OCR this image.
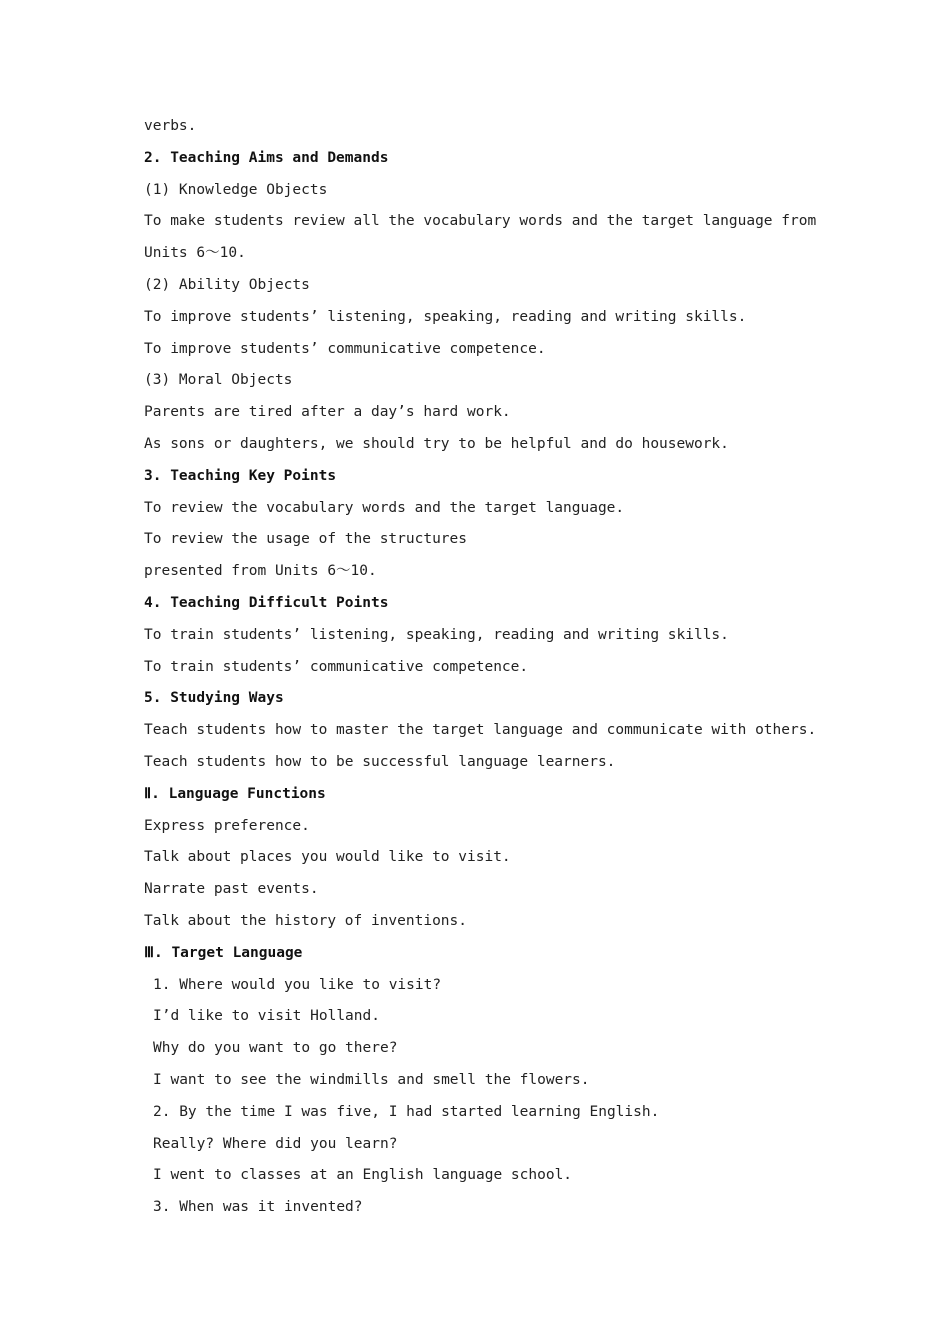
verbs.
2. Teaching Aims and Demands
(1) Knowledge Objects
To make students review all the vocabulary words and the target language from
Units 6～10.
(2) Ability Objects
To improve students’ listening, speaking, reading and writing skills.
To improve students’ communicative competence.
(3) Moral Objects
Parents are tired after a day’s hard work.
As sons or daughters, we should try to be helpful and do housework.
3. Teaching Key Points
To review the vocabulary words and the target language.
To review the usage of the structures
presented from Units 6～10.
4. Teaching Difficult Points
To train students’ listening, speaking, reading and writing skills.
To train students’ communicative competence.
5. Studying Ways
Teach students how to master the target language and communicate with others.
Teach students how to be successful language learners.
Ⅱ. Language Functions
Express preference.
Talk about places you would like to visit.
Narrate past events.
Talk about the history of inventions.
Ⅲ. Target Language
1. Where would you like to visit?
I’d like to visit Holland.
Why do you want to go there?
I want to see the windmills and smell the flowers.
2. By the time I was five, I had started learning English.
Really? Where did you learn?
I went to classes at an English language school.
3. When was it invented?
